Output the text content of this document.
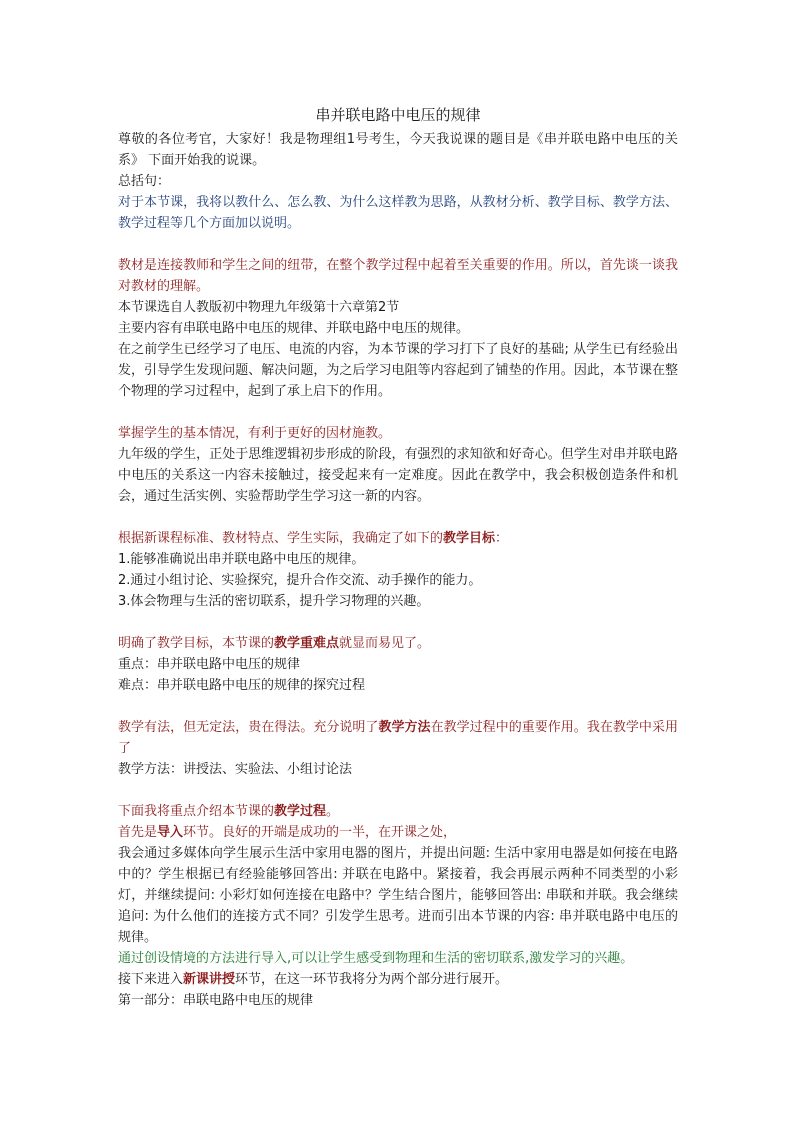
串并联电路中电压的规律

尊敬的各位考官，大家好！我是物理组1号考生，今天我说课的题目是《串并联电路中电压的关系》 下面开始我的说课。

总括句：

对于本节课，我将以教什么、怎么教、为什么这样教为思路，从教材分析、教学目标、教学方法、教学过程等几个方面加以说明。

教材是连接教师和学生之间的纽带，在整个教学过程中起着至关重要的作用。所以，首先谈一谈我对教材的理解。

本节课选自人教版初中物理九年级第十六章第2节

主要内容有串联电路中电压的规律、并联电路中电压的规律。

在之前学生已经学习了电压、电流的内容，为本节课的学习打下了良好的基础; 从学生已有经验出发，引导学生发现问题、解决问题，为之后学习电阻等内容起到了铺垫的作用。因此，本节课在整个物理的学习过程中，起到了承上启下的作用。

掌握学生的基本情况，有利于更好的因材施教。

九年级的学生，正处于思维逻辑初步形成的阶段，有强烈的求知欲和好奇心。但学生对串并联电路中电压的关系这一内容未接触过，接受起来有一定难度。因此在教学中，我会积极创造条件和机会，通过生活实例、实验帮助学生学习这一新的内容。

根据新课程标准、教材特点、学生实际，我确定了如下的教学目标：

1.能够准确说出串并联电路中电压的规律。

2.通过小组讨论、实验探究，提升合作交流、动手操作的能力。

3.体会物理与生活的密切联系，提升学习物理的兴趣。

明确了教学目标，本节课的教学重难点就显而易见了。

重点：串并联电路中电压的规律

难点：串并联电路中电压的规律的探究过程

教学有法，但无定法，贵在得法。充分说明了教学方法在教学过程中的重要作用。我在教学中采用了

教学方法：讲授法、实验法、小组讨论法

下面我将重点介绍本节课的教学过程。

首先是导入环节。良好的开端是成功的一半，在开课之处，

我会通过多媒体向学生展示生活中家用电器的图片，并提出问题: 生活中家用电器是如何接在电路中的？学生根据已有经验能够回答出: 并联在电路中。紧接着，我会再展示两种不同类型的小彩灯，并继续提问: 小彩灯如何连接在电路中？学生结合图片，能够回答出: 串联和并联。我会继续追问: 为什么他们的连接方式不同？引发学生思考。进而引出本节课的内容: 串并联电路中电压的规律。

通过创设情境的方法进行导入,可以让学生感受到物理和生活的密切联系,激发学习的兴趣。

接下来进入新课讲授环节，在这一环节我将分为两个部分进行展开。

第一部分：串联电路中电压的规律
